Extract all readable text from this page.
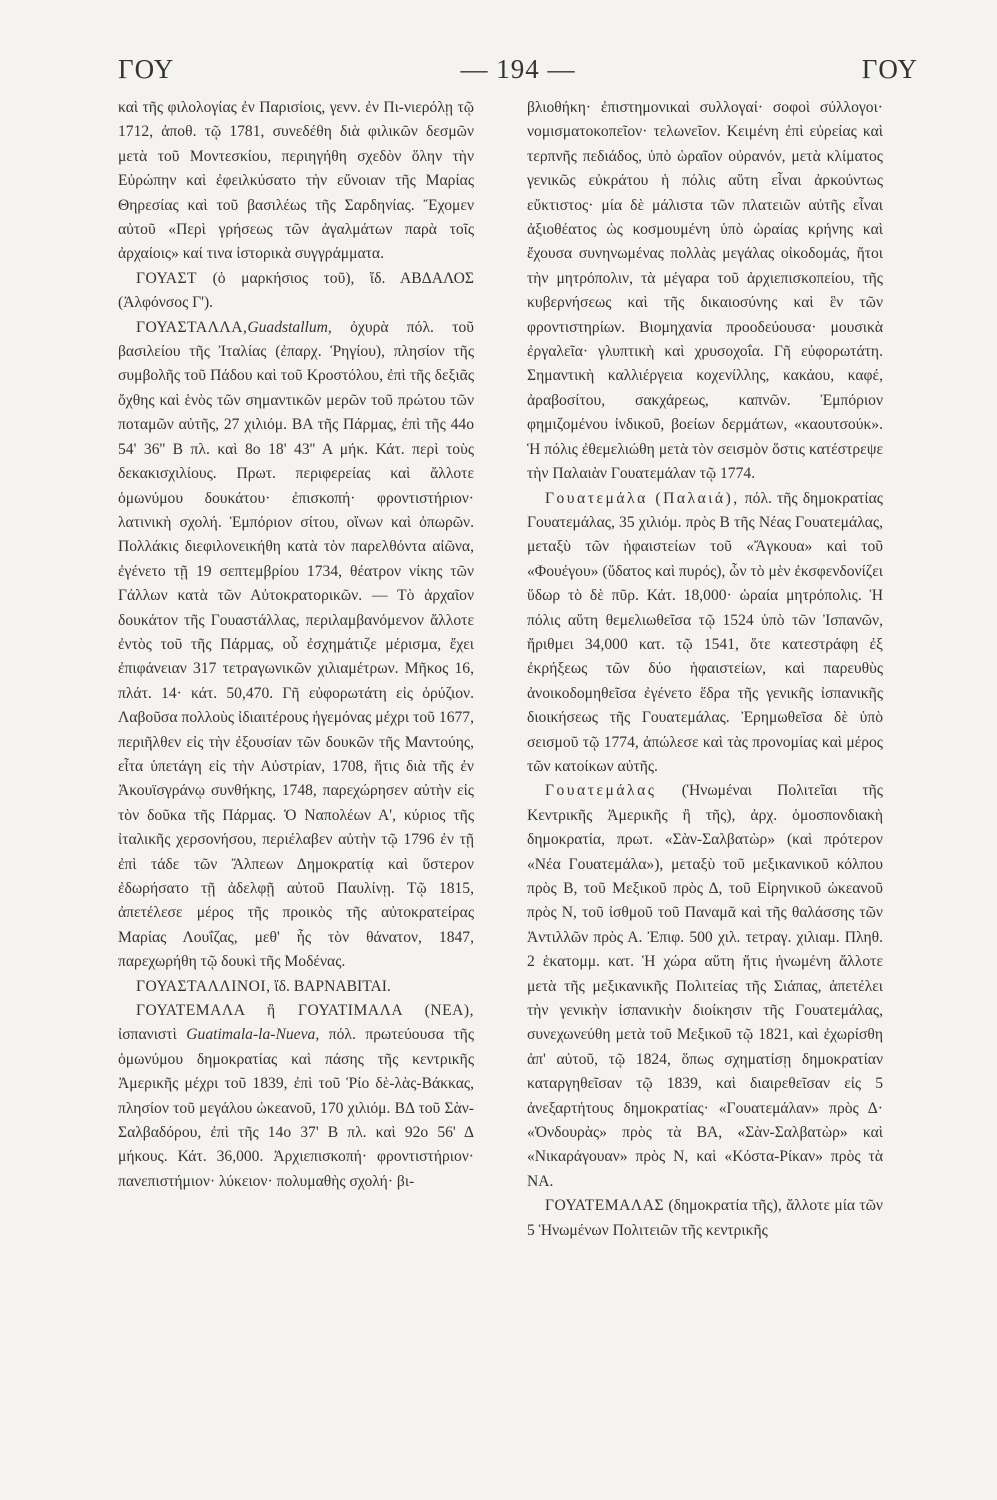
ΓΟΥ	— 194 —	ΓΟΥ

καὶ τῆς φιλολογίας ἐν Παρισίοις, γενν. ἐν Πι-νιερόλῃ τῷ 1712, ἀποθ. τῷ 1781, συνεδέθη διὰ φιλικῶν δεσμῶν μετὰ τοῦ Μοντεσκίου, περιηγήθη σχεδὸν ὅλην τὴν Εὐρώπην καὶ ἐφειλκύσατο τὴν εὔνοιαν τῆς Μαρίας Θηρεσίας καὶ τοῦ βασιλέως τῆς Σαρδηνίας. Ἔχομεν αὐτοῦ «Περὶ γρήσεως τῶν ἀγαλμάτων παρὰ τοῖς ἀρχαίοις» καί τινα ἱστορικὰ συγγράμματα.

ΓΟΥΑΣΤ (ὁ μαρκήσιος τοῦ), ἴδ. ΑΒΔΑΛΟΣ (Ἀλφόνσος Γ').

ΓΟΥΑΣΤΑΛΛΑ,Guadstallum, ὀχυρὰ πόλ. τοῦ βασιλείου τῆς Ἰταλίας (ἐπαρχ. Ῥηγίου), πλησίον τῆς συμβολῆς τοῦ Πάδου καὶ τοῦ Κροστόλου, ἐπὶ τῆς δεξιᾶς ὄχθης καὶ ἑνὸς τῶν σημαντικῶν μερῶν τοῦ πρώτου τῶν ποταμῶν αὐτῆς, 27 χιλιόμ. ΒΑ τῆς Πάρμας, ἐπὶ τῆς 44ο 54' 36'' Β πλ. καὶ 8ο 18' 43'' Α μήκ. Κάτ. περὶ τοὺς δεκακισχιλίους. Πρωτ. περιφερείας καὶ ἄλλοτε ὁμωνύμου δουκάτου· ἐπισκοπή· φροντιστήριον· λατινικὴ σχολή. Ἐμπόριον σίτου, οἴνων καὶ ὀπωρῶν. Πολλάκις διεφιλονεικήθη κατὰ τὸν παρελθόντα αἰῶνα, ἐγένετο τῇ 19 σεπτεμβρίου 1734, θέατρον νίκης τῶν Γάλλων κατὰ τῶν Αὐτοκρατορικῶν. — Τὸ ἀρχαῖον δουκάτον τῆς Γουαστάλλας, περιλαμβανόμενον ἄλλοτε ἐντὸς τοῦ τῆς Πάρμας, οὗ ἐσχημάτιζε μέρισμα, ἔχει ἐπιφάνειαν 317 τετραγωνικῶν χιλιαμέτρων. Μῆκος 16, πλάτ. 14· κάτ. 50,470. Γῆ εὐφορωτάτη εἰς ὀρύζιον. Λαβοῦσα πολλοὺς ἰδιαιτέρους ἡγεμόνας μέχρι τοῦ 1677, περιῆλθεν εἰς τὴν ἐξουσίαν τῶν δουκῶν τῆς Μαντούης, εἶτα ὑπετάγη εἰς τὴν Αὐστρίαν, 1708, ἥτις διὰ τῆς ἐν Ἀκουϊσγράνῳ συνθήκης, 1748, παρεχώρησεν αὐτὴν εἰς τὸν δοῦκα τῆς Πάρμας. Ὁ Ναπολέων Α', κύριος τῆς ἰταλικῆς χερσονήσου, περιέλαβεν αὐτὴν τῷ 1796 ἐν τῇ ἐπὶ τάδε τῶν Ἄλπεων Δημοκρατίᾳ καὶ ὕστερον ἐδωρήσατο τῇ ἀδελφῇ αὐτοῦ Παυλίνῃ. Τῷ 1815, ἀπετέλεσε μέρος τῆς προικὸς τῆς αὐτοκρατείρας Μαρίας Λουΐζας, μεθ' ἧς τὸν θάνατον, 1847, παρεχωρήθη τῷ δουκὶ τῆς Μοδένας.

ΓΟΥΑΣΤΑΛΛΙΝΟΙ, ἴδ. ΒΑΡΝΑΒΙΤΑΙ.

ΓΟΥΑΤΕΜΑΛΑ ἢ ΓΟΥΑΤΙΜΑΛΑ (ΝΕΑ), ἰσπανιστὶ Guatimala-la-Nueva, πόλ. πρωτεύουσα τῆς ὁμωνύμου δημοκρατίας καὶ πάσης τῆς κεντρικῆς Ἀμερικῆς μέχρι τοῦ 1839, ἐπὶ τοῦ Ῥίο δὲ-λὰς-Βάκκας, πλησίον τοῦ μεγάλου ὠκεανοῦ, 170 χιλιόμ. ΒΔ τοῦ Σὰν-Σαλβαδόρου, ἐπὶ τῆς 14ο 37' Β πλ. καὶ 92ο 56' Δ μήκους. Κάτ. 36,000. Ἀρχιεπισκοπή· φροντιστήριον· πανεπιστήμιον· λύκειον· πολυμαθὴς σχολή· βι-

βλιοθήκη· ἐπιστημονικαὶ συλλογαί· σοφοὶ σύλλογοι· νομισματοκοπεῖον· τελωνεῖον. Κειμένη ἐπὶ εὐρείας καὶ τερπνῆς πεδιάδος, ὑπὸ ὡραῖον οὐρανόν, μετὰ κλίματος γενικῶς εὐκράτου ἡ πόλις αὕτη εἶναι ἀρκούντως εὔκτιστος· μία δὲ μάλιστα τῶν πλατειῶν αὐτῆς εἶναι ἀξιοθέατος ὡς κοσμουμένη ὑπὸ ὡραίας κρήνης καὶ ἔχουσα συνηνωμένας πολλὰς μεγάλας οἰκοδομάς, ἤτοι τὴν μητρόπολιν, τὰ μέγαρα τοῦ ἀρχιεπισκοπείου, τῆς κυβερνήσεως καὶ τῆς δικαιοσύνης καὶ ἓν τῶν φροντιστηρίων. Βιομηχανία προοδεύουσα· μουσικὰ ἐργαλεῖα· γλυπτικὴ καὶ χρυσοχοΐα. Γῆ εὐφορωτάτη. Σημαντικὴ καλλιέργεια κοχενίλλης, κακάου, καφέ, ἀραβοσίτου, σακχάρεως, καπνῶν. Ἐμπόριον φημιζομένου ἰνδικοῦ, βοείων δερμάτων, «καουτσούκ». Ἡ πόλις ἐθεμελιώθη μετὰ τὸν σεισμὸν ὅστις κατέστρεψε τὴν Παλαιὰν Γουατεμάλαν τῷ 1774.

Γουατεμάλα (Παλαιά), πόλ. τῆς δημοκρατίας Γουατεμάλας, 35 χιλιόμ. πρὸς Β τῆς Νέας Γουατεμάλας, μεταξὺ τῶν ἡφαιστείων τοῦ «Ἄγκουα» καὶ τοῦ «Φουέγου» (ὕδατος καὶ πυρός), ὧν τὸ μὲν ἐκσφενδονίζει ὕδωρ τὸ δὲ πῦρ. Κάτ. 18,000· ὡραία μητρόπολις. Ἡ πόλις αὕτη θεμελιωθεῖσα τῷ 1524 ὑπὸ τῶν Ἰσπανῶν, ἤριθμει 34,000 κατ. τῷ 1541, ὅτε κατεστράφη ἐξ ἐκρήξεως τῶν δύο ἡφαιστείων, καὶ παρευθὺς ἀνοικοδομηθεῖσα ἐγένετο ἕδρα τῆς γενικῆς ἰσπανικῆς διοικήσεως τῆς Γουατεμάλας. Ἐρημωθεῖσα δὲ ὑπὸ σεισμοῦ τῷ 1774, ἀπώλεσε καὶ τὰς προνομίας καὶ μέρος τῶν κατοίκων αὐτῆς.

Γουατεμάλας (Ἡνωμέναι Πολιτεῖαι τῆς Κεντρικῆς Ἀμερικῆς ἢ τῆς), ἀρχ. ὁμοσπονδιακὴ δημοκρατία, πρωτ. «Σὰν-Σαλβατὼρ» (καὶ πρότερον «Νέα Γουατεμάλα»), μεταξὺ τοῦ μεξικανικοῦ κόλπου πρὸς Β, τοῦ Μεξικοῦ πρὸς Δ, τοῦ Εἰρηνικοῦ ὠκεανοῦ πρὸς Ν, τοῦ ἰσθμοῦ τοῦ Παναμᾶ καὶ τῆς θαλάσσης τῶν Ἀντιλλῶν πρὸς Α. Ἐπιφ. 500 χιλ. τετραγ. χιλιαμ. Πληθ. 2 ἑκατομμ. κατ. Ἡ χώρα αὕτη ἥτις ἡνωμένη ἄλλοτε μετὰ τῆς μεξικανικῆς Πολιτείας τῆς Σιάπας, ἀπετέλει τὴν γενικὴν ἰσπανικὴν διοίκησιν τῆς Γουατεμάλας, συνεχωνεύθη μετὰ τοῦ Μεξικοῦ τῷ 1821, καὶ ἐχωρίσθη ἀπ' αὐτοῦ, τῷ 1824, ὅπως σχηματίσῃ δημοκρατίαν καταργηθεῖσαν τῷ 1839, καὶ διαιρεθεῖσαν εἰς 5 ἀνεξαρτήτους δημοκρατίας· «Γουατεμάλαν» πρὸς Δ· «Ὀνδουρὰς» πρὸς τὰ ΒΑ, «Σὰν-Σαλβατὼρ» καὶ «Νικαράγουαν» πρὸς Ν, καὶ «Κόστα-Ρίκαν» πρὸς τὰ ΝΑ.

ΓΟΥΑΤΕΜΑΛΑΣ (δημοκρατία τῆς), ἄλλοτε μία τῶν 5 Ἡνωμένων Πολιτειῶν τῆς κεντρικῆς
